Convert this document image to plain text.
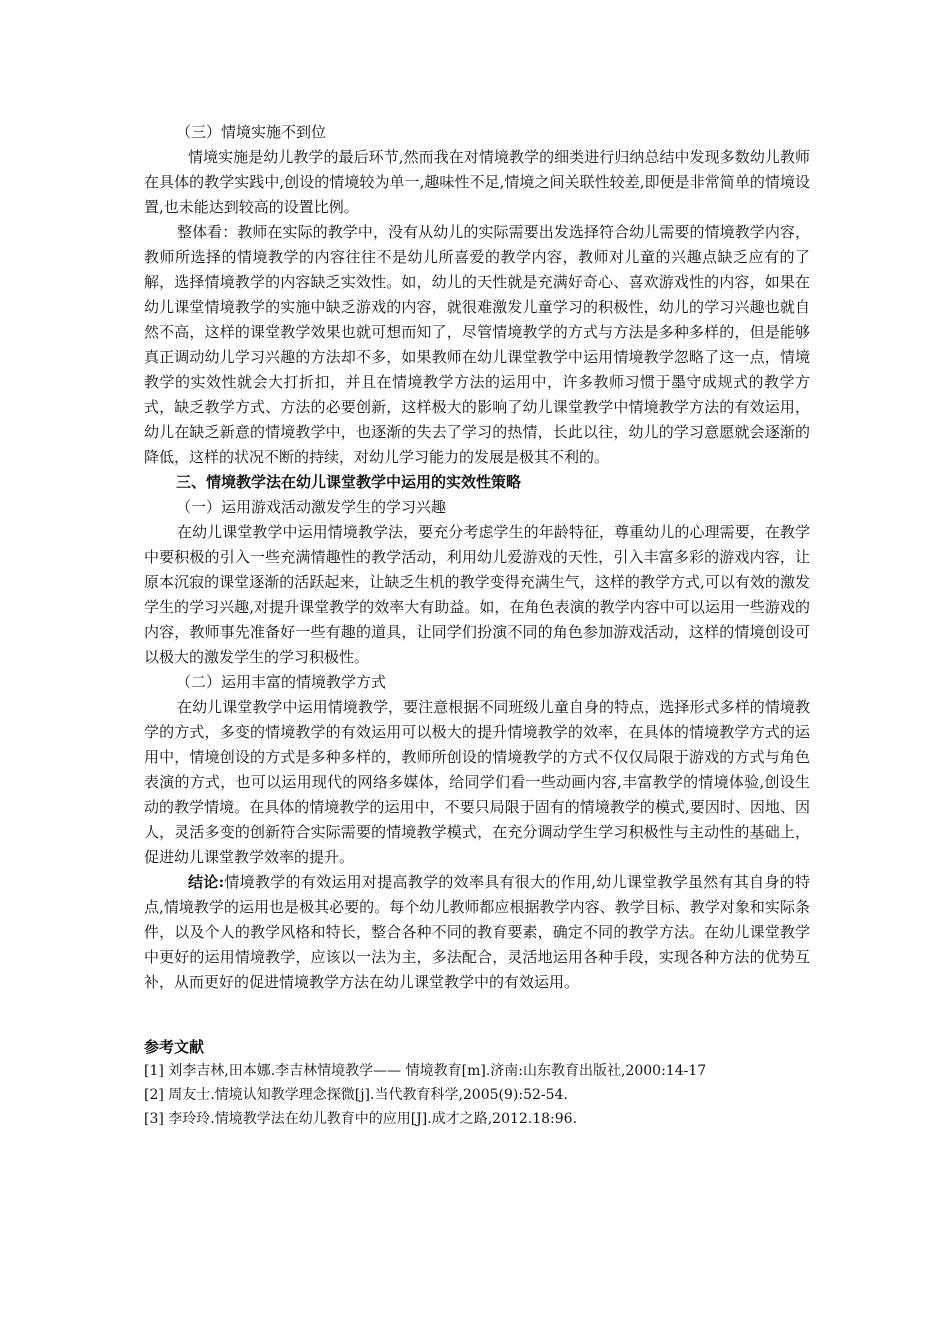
（三）情境实施不到位

情境实施是幼儿教学的最后环节,然而我在对情境教学的细类进行归纳总结中发现多数幼儿教师在具体的教学实践中,创设的情境较为单一,趣味性不足,情境之间关联性较差,即便是非常简单的情境设置,也未能达到较高的设置比例。

整体看：教师在实际的教学中，没有从幼儿的实际需要出发选择符合幼儿需要的情境教学内容，教师所选择的情境教学的内容往往不是幼儿所喜爱的教学内容，教师对儿童的兴趣点缺乏应有的了解，选择情境教学的内容缺乏实效性。如，幼儿的天性就是充满好奇心、喜欢游戏性的内容，如果在幼儿课堂情境教学的实施中缺乏游戏的内容，就很难激发儿童学习的积极性，幼儿的学习兴趣也就自然不高，这样的课堂教学效果也就可想而知了，尽管情境教学的方式与方法是多种多样的，但是能够真正调动幼儿学习兴趣的方法却不多，如果教师在幼儿课堂教学中运用情境教学忽略了这一点，情境教学的实效性就会大打折扣，并且在情境教学方法的运用中，许多教师习惯于墨守成规式的教学方式，缺乏教学方式、方法的必要创新，这样极大的影响了幼儿课堂教学中情境教学方法的有效运用，幼儿在缺乏新意的情境教学中，也逐渐的失去了学习的热情，长此以往，幼儿的学习意愿就会逐渐的降低，这样的状况不断的持续，对幼儿学习能力的发展是极其不利的。

三、情境教学法在幼儿课堂教学中运用的实效性策略

（一）运用游戏活动激发学生的学习兴趣

在幼儿课堂教学中运用情境教学法，要充分考虑学生的年龄特征，尊重幼儿的心理需要，在教学中要积极的引入一些充满情趣性的教学活动，利用幼儿爱游戏的天性，引入丰富多彩的游戏内容，让原本沉寂的课堂逐渐的活跃起来，让缺乏生机的教学变得充满生气，这样的教学方式,可以有效的激发学生的学习兴趣,对提升课堂教学的效率大有助益。如，在角色表演的教学内容中可以运用一些游戏的内容，教师事先准备好一些有趣的道具，让同学们扮演不同的角色参加游戏活动，这样的情境创设可以极大的激发学生的学习积极性。

（二）运用丰富的情境教学方式

在幼儿课堂教学中运用情境教学，要注意根据不同班级儿童自身的特点，选择形式多样的情境教学的方式，多变的情境教学的有效运用可以极大的提升情境教学的效率，在具体的情境教学方式的运用中，情境创设的方式是多种多样的，教师所创设的情境教学的方式不仅仅局限于游戏的方式与角色表演的方式，也可以运用现代的网络多媒体，给同学们看一些动画内容,丰富教学的情境体验,创设生动的教学情境。在具体的情境教学的运用中，不要只局限于固有的情境教学的模式,要因时、因地、因人，灵活多变的创新符合实际需要的情境教学模式，在充分调动学生学习积极性与主动性的基础上，促进幼儿课堂教学效率的提升。

结论:情境教学的有效运用对提高教学的效率具有很大的作用,幼儿课堂教学虽然有其自身的特点,情境教学的运用也是极其必要的。每个幼儿教师都应根据教学内容、教学目标、教学对象和实际条件，以及个人的教学风格和特长，整合各种不同的教育要素，确定不同的教学方法。在幼儿课堂教学中更好的运用情境教学，应该以一法为主，多法配合，灵活地运用各种手段，实现各种方法的优势互补，从而更好的促进情境教学方法在幼儿课堂教学中的有效运用。

参考文献

[1] 刘李吉林,田本娜.李吉林情境教学—— 情境教育[m].济南:山东教育出版社,2000:14-17

[2] 周友士.情境认知教学理念探微[j].当代教育科学,2005(9):52-54.

[3] 李玲玲.情境教学法在幼儿教育中的应用[J].成才之路,2012.18:96.
